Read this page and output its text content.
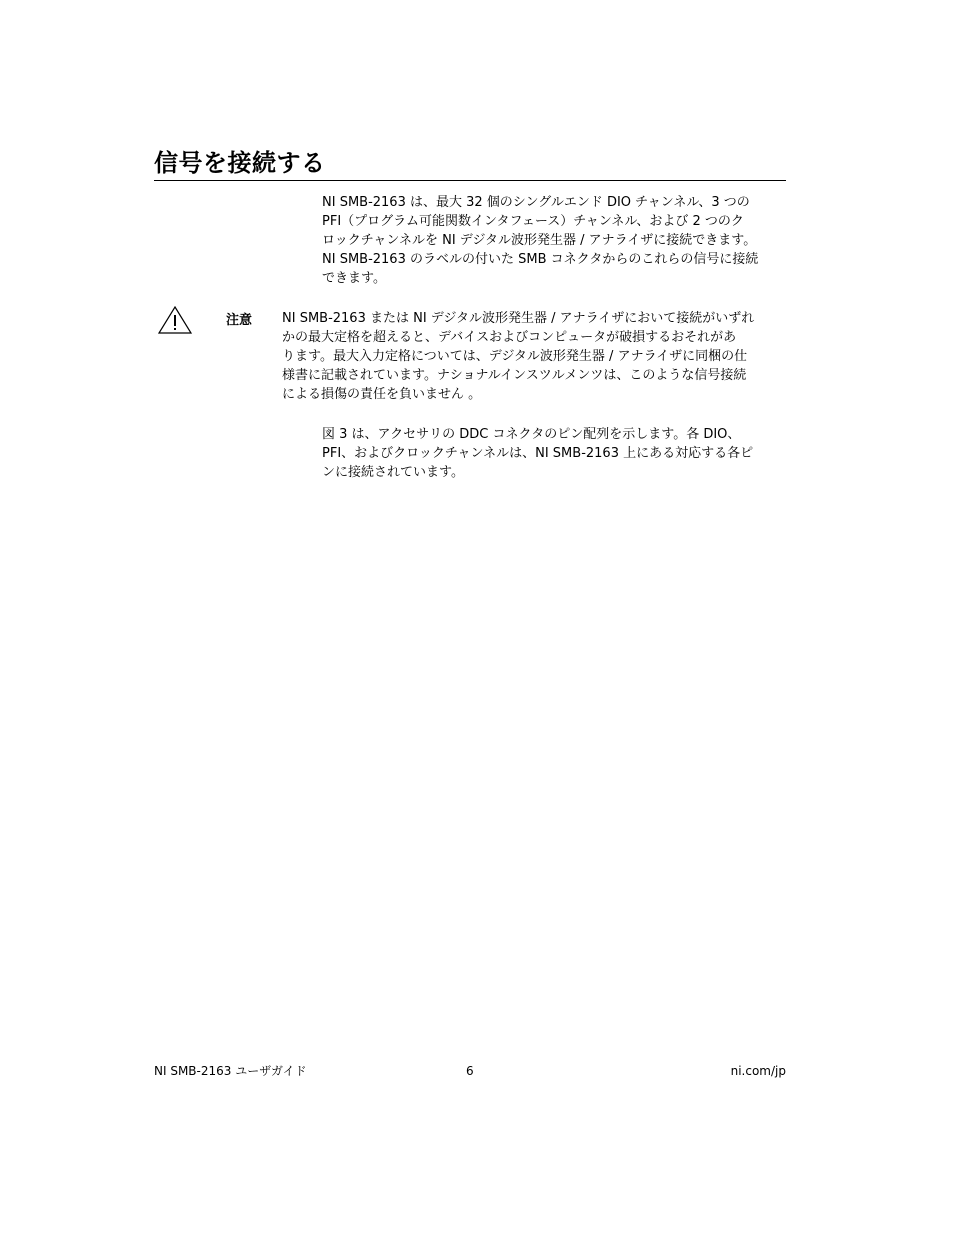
信号を接続する
NI SMB-2163 は、最大 32 個のシングルエンド DIO チャンネル、3 つの
PFI（プログラム可能関数インタフェース）チャンネル、および 2 つのク
ロックチャンネルを NI デジタル波形発生器 / アナライザに接続できます。
NI SMB-2163 のラベルの付いた SMB コネクタからのこれらの信号に接続
できます。
注意 NI SMB-2163 または NI デジタル波形発生器 / アナライザにおいて接続がいずれ
かの最大定格を超えると、デバイスおよびコンピュータが破損するおそれがあ
ります。最大入力定格については、デジタル波形発生器 / アナライザに同梱の仕
様書に記載されています。ナショナルインスツルメンツは、このような信号接続
による損傷の責任を負いません 。
図 3 は、アクセサリの DDC コネクタのピン配列を示します。各 DIO、
PFI、およびクロックチャンネルは、NI SMB-2163 上にある対応する各ピ
ンに接続されています。
NI SMB-2163 ユーザガイド	6	ni.com/jp
